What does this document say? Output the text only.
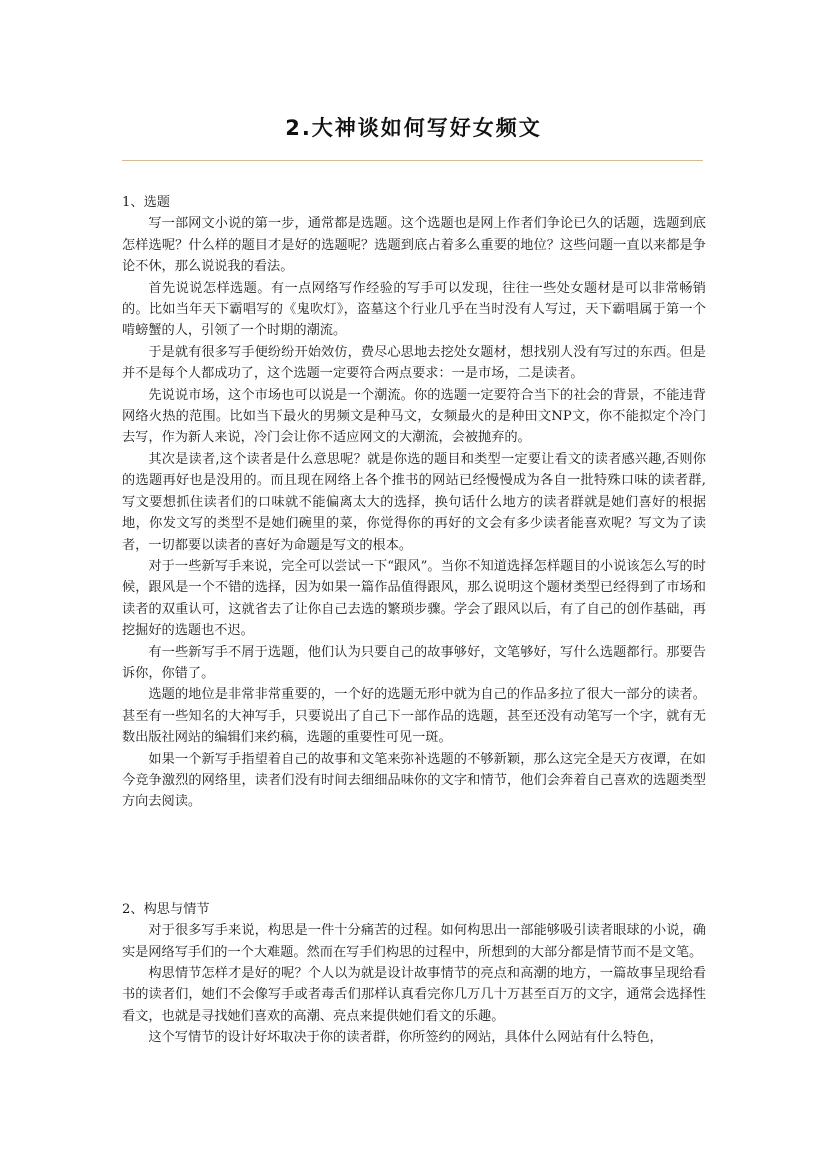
2.大神谈如何写好女频文

1、选题

写一部网文小说的第一步，通常都是选题。这个选题也是网上作者们争论已久的话题，选题到底怎样选呢？什么样的题目才是好的选题呢？选题到底占着多么重要的地位？这些问题一直以来都是争论不休，那么说说我的看法。

首先说说怎样选题。有一点网络写作经验的写手可以发现，往往一些处女题材是可以非常畅销的。比如当年天下霸唱写的《鬼吹灯》，盗墓这个行业几乎在当时没有人写过，天下霸唱属于第一个啃螃蟹的人，引领了一个时期的潮流。

于是就有很多写手便纷纷开始效仿，费尽心思地去挖处女题材，想找别人没有写过的东西。但是并不是每个人都成功了，这个选题一定要符合两点要求：一是市场，二是读者。

先说说市场，这个市场也可以说是一个潮流。你的选题一定要符合当下的社会的背景，不能违背网络火热的范围。比如当下最火的男频文是种马文，女频最火的是种田文NP文，你不能拟定个冷门去写，作为新人来说，冷门会让你不适应网文的大潮流，会被抛弃的。

其次是读者,这个读者是什么意思呢？就是你选的题目和类型一定要让看文的读者感兴趣,否则你的选题再好也是没用的。而且现在网络上各个推书的网站已经慢慢成为各自一批特殊口味的读者群,写文要想抓住读者们的口味就不能偏离太大的选择，换句话什么地方的读者群就是她们喜好的根据地，你发文写的类型不是她们碗里的菜，你觉得你的再好的文会有多少读者能喜欢呢？写文为了读者，一切都要以读者的喜好为命题是写文的根本。

对于一些新写手来说，完全可以尝试一下“跟风”。当你不知道选择怎样题目的小说该怎么写的时候，跟风是一个不错的选择，因为如果一篇作品值得跟风，那么说明这个题材类型已经得到了市场和读者的双重认可，这就省去了让你自己去选的繁琐步骤。学会了跟风以后，有了自己的创作基础，再挖掘好的选题也不迟。

有一些新写手不屑于选题，他们认为只要自己的故事够好，文笔够好，写什么选题都行。那要告诉你，你错了。

选题的地位是非常非常重要的，一个好的选题无形中就为自己的作品多拉了很大一部分的读者。甚至有一些知名的大神写手，只要说出了自己下一部作品的选题，甚至还没有动笔写一个字，就有无数出版社网站的编辑们来约稿，选题的重要性可见一斑。

如果一个新写手指望着自己的故事和文笔来弥补选题的不够新颖，那么这完全是天方夜谭，在如今竞争激烈的网络里，读者们没有时间去细细品味你的文字和情节，他们会奔着自己喜欢的选题类型方向去阅读。

2、构思与情节

对于很多写手来说，构思是一件十分痛苦的过程。如何构思出一部能够吸引读者眼球的小说，确实是网络写手们的一个大难题。然而在写手们构思的过程中，所想到的大部分都是情节而不是文笔。

构思情节怎样才是好的呢？个人以为就是设计故事情节的亮点和高潮的地方，一篇故事呈现给看书的读者们，她们不会像写手或者毒舌们那样认真看完你几万几十万甚至百万的文字，通常会选择性看文，也就是寻找她们喜欢的高潮、亮点来提供她们看文的乐趣。

这个写情节的设计好坏取决于你的读者群，你所签约的网站，具体什么网站有什么特色，
